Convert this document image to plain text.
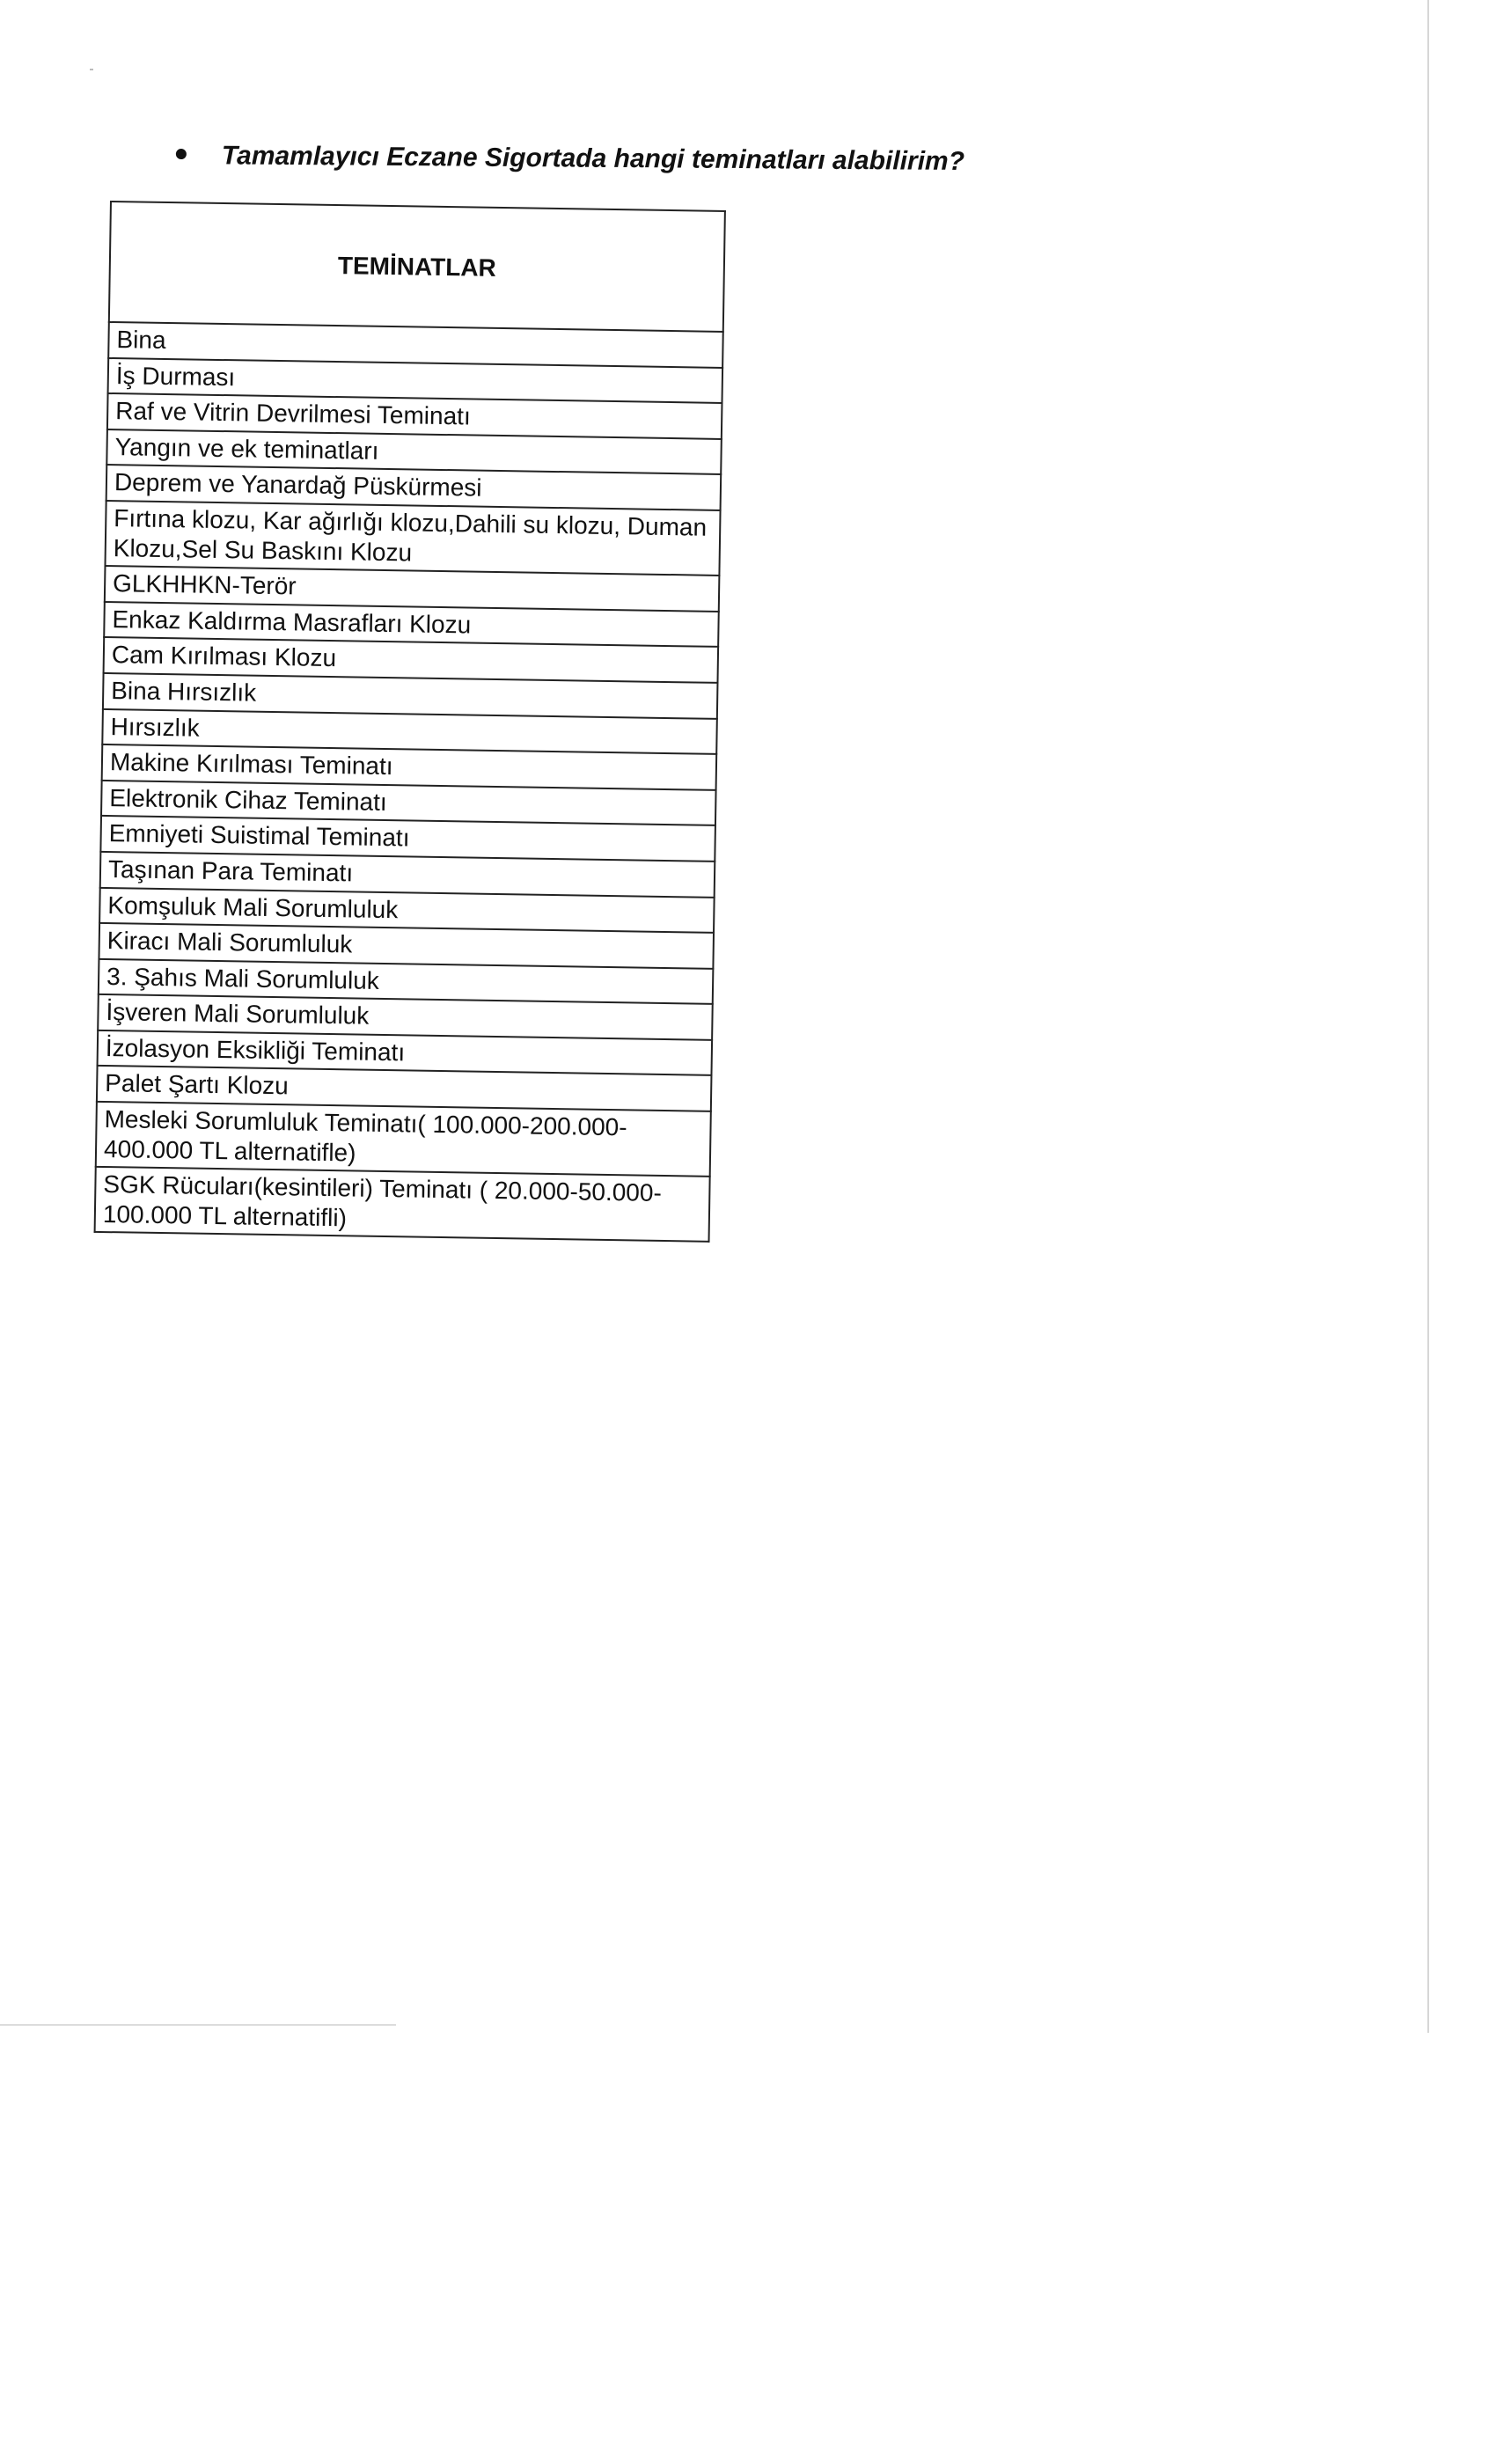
Tamamlayıcı Eczane Sigortada hangi teminatları alabilirim?
TEMİNATLAR
Bina
İş Durması
Raf ve Vitrin Devrilmesi Teminatı
Yangın ve ek teminatları
Deprem ve Yanardağ Püskürmesi
Fırtına klozu, Kar ağırlığı klozu,Dahili su klozu, Duman Klozu,Sel Su Baskını Klozu
GLKHHKN-Terör
Enkaz Kaldırma Masrafları Klozu
Cam Kırılması Klozu
Bina Hırsızlık
Hırsızlık
Makine Kırılması Teminatı
Elektronik Cihaz Teminatı
Emniyeti Suistimal Teminatı
Taşınan Para Teminatı
Komşuluk Mali Sorumluluk
Kiracı Mali Sorumluluk
3. Şahıs Mali Sorumluluk
İşveren Mali Sorumluluk
İzolasyon Eksikliği Teminatı
Palet Şartı Klozu
Mesleki Sorumluluk Teminatı( 100.000-200.000-400.000 TL alternatifle)
SGK Rücuları(kesintileri) Teminatı ( 20.000-50.000-100.000 TL alternatifli)
